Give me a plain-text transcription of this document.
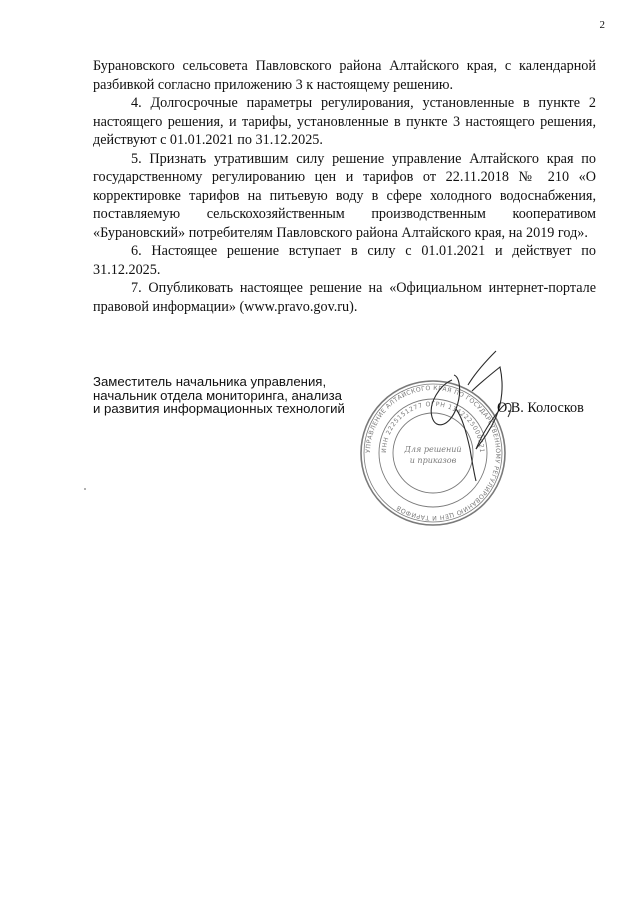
2

Бурановского сельсовета Павловского района Алтайского края, с календарной разбивкой согласно приложению 3 к настоящему решению.

4. Долгосрочные параметры регулирования, установленные в пункте 2 настоящего решения, и тарифы, установленные в пункте 3 настоящего решения, действуют с 01.01.2021 по 31.12.2025.

5. Признать утратившим силу решение управление Алтайского края по государственному регулированию цен и тарифов от 22.11.2018 № 210 «О корректировке тарифов на питьевую воду в сфере холодного водоснабжения, поставляемую сельскохозяйственным производственным кооперативом «Бурановский» потребителям Павловского района Алтайского края, на 2019 год».

6. Настоящее решение вступает в силу с 01.01.2021 и действует по 31.12.2025.

7. Опубликовать настоящее решение на «Официальном интернет-портале правовой информации» (www.pravo.gov.ru).

Заместитель начальника управления,
начальник отдела мониторинга, анализа
и развития информационных технологий
УПРАВЛЕНИЕ АЛТАЙСКОГО КРАЯ ПО ГОСУДАРСТВЕННОМУ РЕГУЛИРОВАНИЮ ЦЕН И ТАРИФОВ
ИНН 2225151277 ОГРН 1142225000021
Для решений
и приказов
О.В. Колосков
